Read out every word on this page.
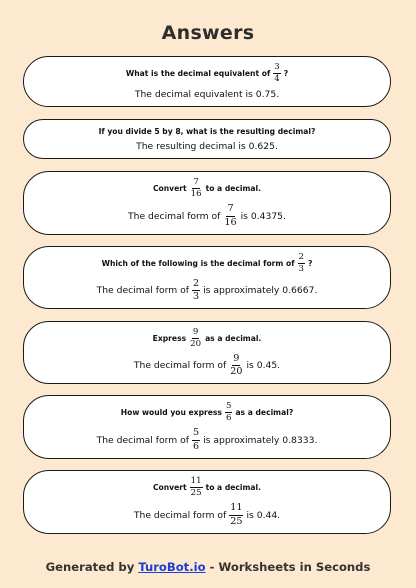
Answers
What is the decimal equivalent of $\frac{3}{4}$ ?
The decimal equivalent is 0.75.
If you divide 5 by 8, what is the resulting decimal?
The resulting decimal is 0.625.
Convert $\frac{7}{16}$ to a decimal.
The decimal form of $\frac{7}{16}$ is 0.4375.
Which of the following is the decimal form of $\frac{2}{3}$ ?
The decimal form of $\frac{2}{3}$ is approximately 0.6667.
Express $\frac{9}{20}$ as a decimal.
The decimal form of $\frac{9}{20}$ is 0.45.
How would you express $\frac{5}{6}$ as a decimal?
The decimal form of $\frac{5}{6}$ is approximately 0.8333.
Convert $\frac{11}{25}$ to a decimal.
The decimal form of $\frac{11}{25}$ is 0.44.
Generated by TuroBot.io - Worksheets in Seconds
